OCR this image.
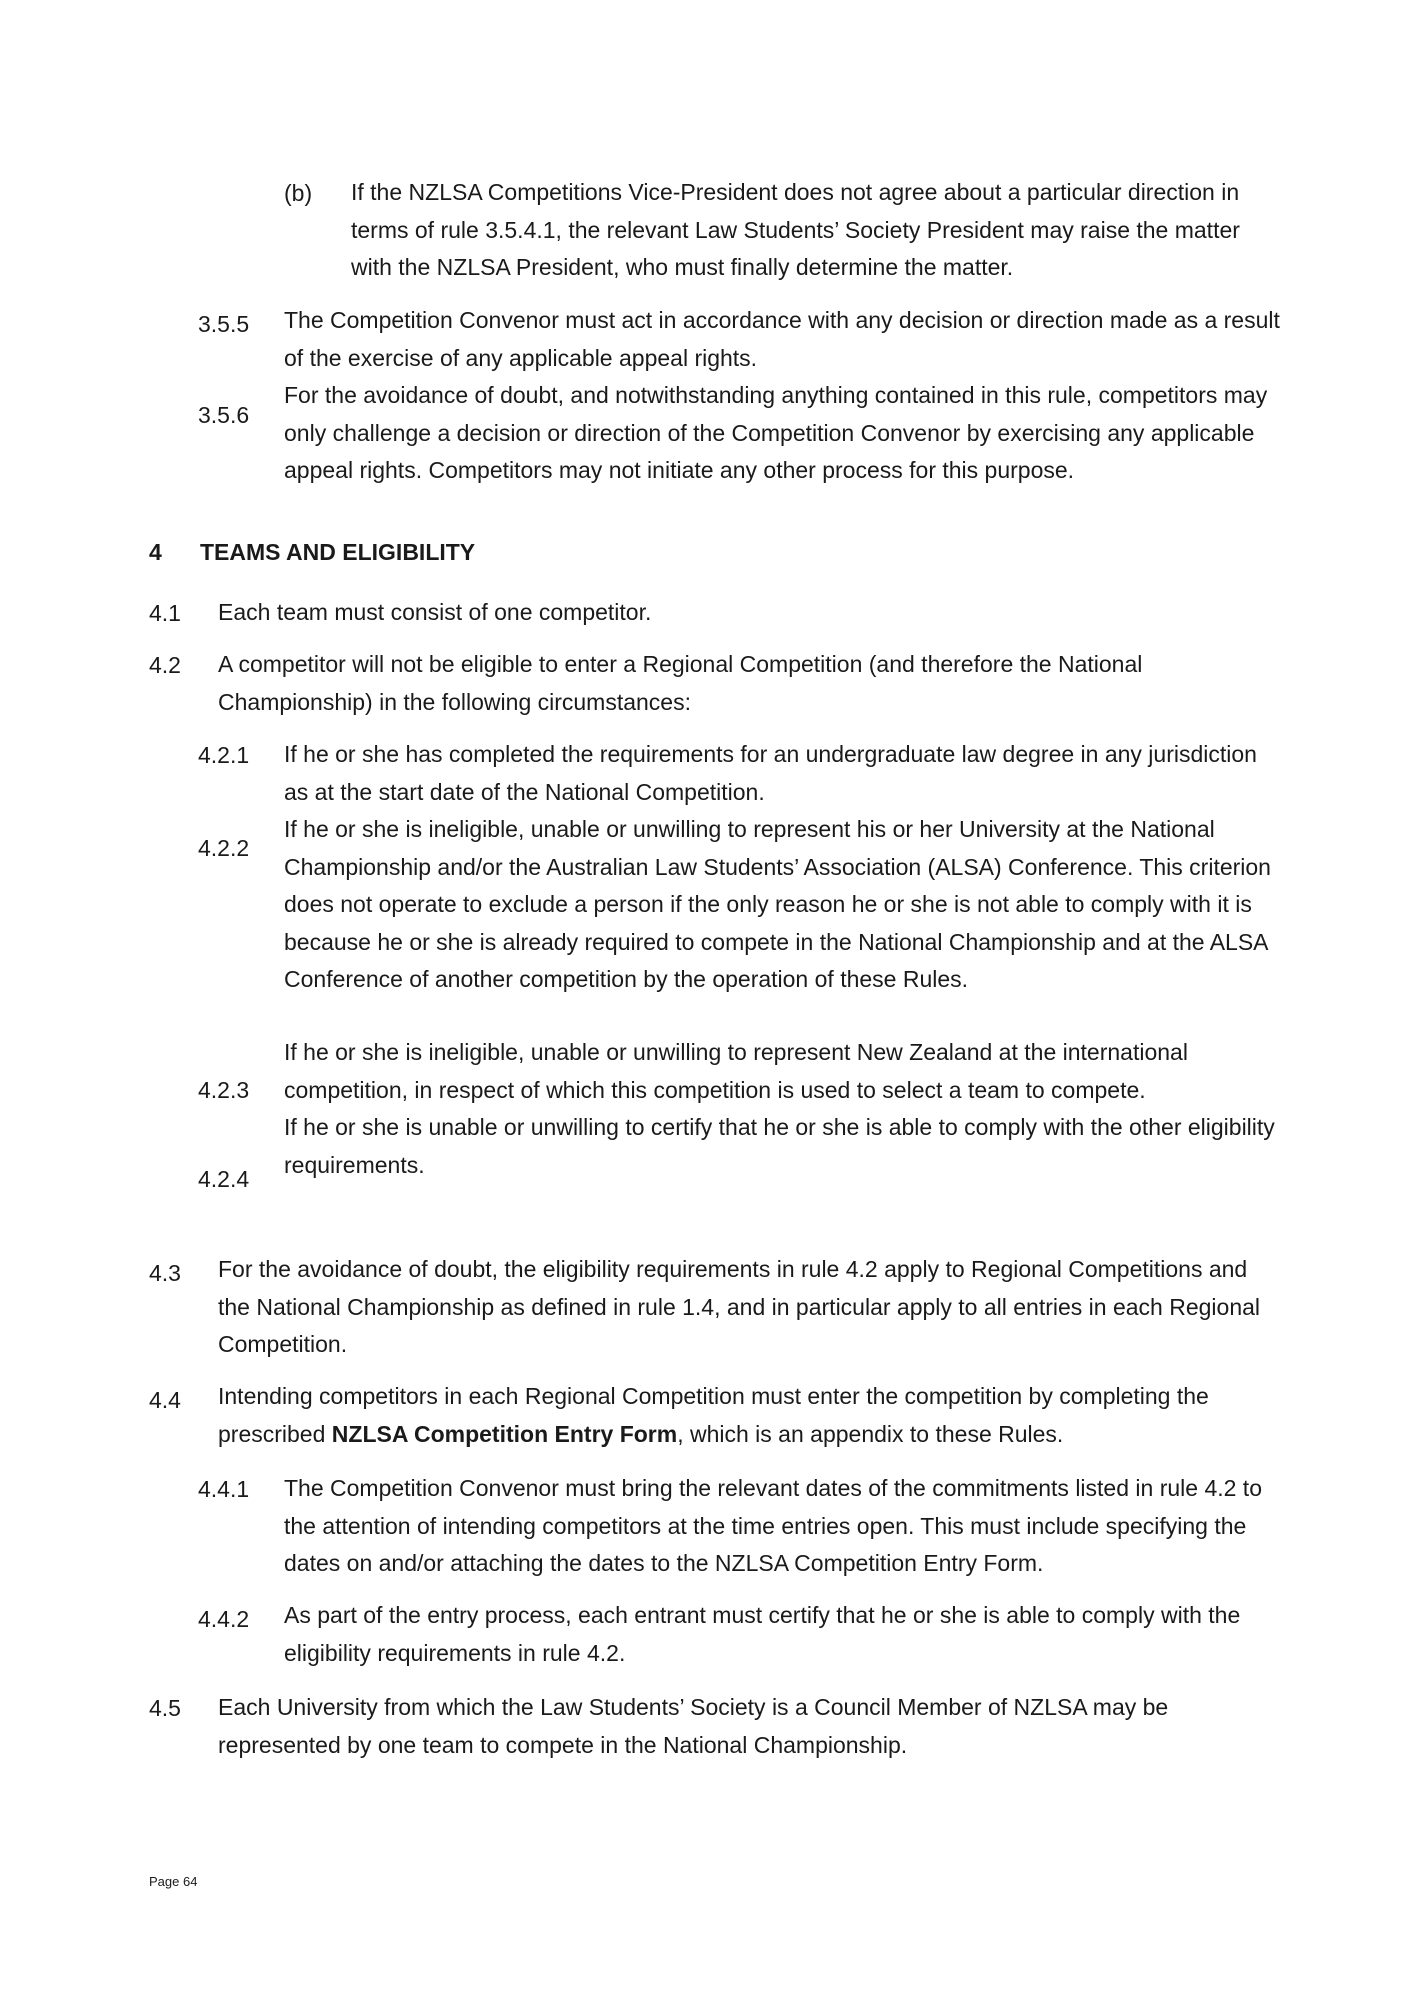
(b) If the NZLSA Competitions Vice-President does not agree about a particular direction in terms of rule 3.5.4.1, the relevant Law Students’ Society President may raise the matter with the NZLSA President, who must finally determine the matter.
3.5.5 The Competition Convenor must act in accordance with any decision or direction made as a result of the exercise of any applicable appeal rights.
3.5.6
For the avoidance of doubt, and notwithstanding anything contained in this rule, competitors may only challenge a decision or direction of the Competition Convenor by exercising any applicable appeal rights. Competitors may not initiate any other process for this purpose.
4 TEAMS AND ELIGIBILITY
4.1 Each team must consist of one competitor.
4.2 A competitor will not be eligible to enter a Regional Competition (and therefore the National Championship) in the following circumstances:
4.2.1 If he or she has completed the requirements for an undergraduate law degree in any jurisdiction as at the start date of the National Competition.
4.2.2
If he or she is ineligible, unable or unwilling to represent his or her University at the National Championship and/or the Australian Law Students’ Association (ALSA) Conference. This criterion does not operate to exclude a person if the only reason he or she is not able to comply with it is because he or she is already required to compete in the National Championship and at the ALSA Conference of another competition by the operation of these Rules.
4.2.3
If he or she is ineligible, unable or unwilling to represent New Zealand at the international competition, in respect of which this competition is used to select a team to compete.
4.2.4
If he or she is unable or unwilling to certify that he or she is able to comply with the other eligibility requirements.
4.3 For the avoidance of doubt, the eligibility requirements in rule 4.2 apply to Regional Competitions and the National Championship as defined in rule 1.4, and in particular apply to all entries in each Regional Competition.
4.4 Intending competitors in each Regional Competition must enter the competition by completing the prescribed NZLSA Competition Entry Form, which is an appendix to these Rules.
4.4.1 The Competition Convenor must bring the relevant dates of the commitments listed in rule 4.2 to the attention of intending competitors at the time entries open. This must include specifying the dates on and/or attaching the dates to the NZLSA Competition Entry Form.
4.4.2 As part of the entry process, each entrant must certify that he or she is able to comply with the eligibility requirements in rule 4.2.
4.5 Each University from which the Law Students’ Society is a Council Member of NZLSA may be represented by one team to compete in the National Championship.
Page 64
